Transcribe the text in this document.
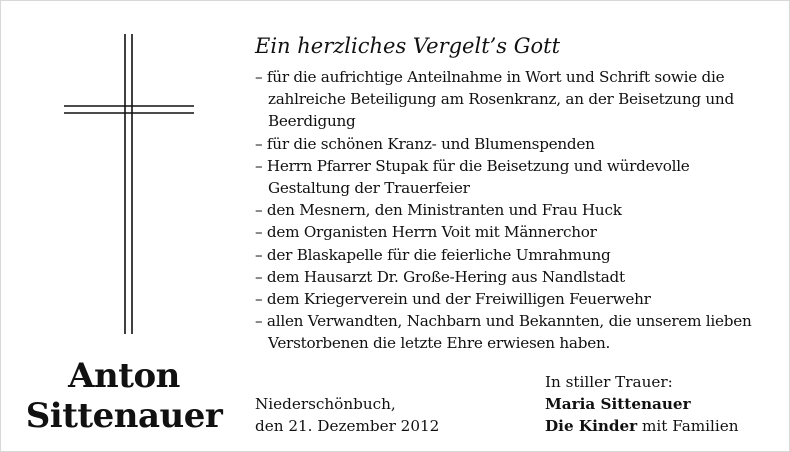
Anton
Sittenauer
Ein herzliches Vergelt’s Gott
– für die aufrichtige Anteilnahme in Wort und Schrift sowie die zahlreiche Beteiligung am Rosenkranz, an der Beisetzung und Beerdigung
– für die schönen Kranz- und Blumenspenden
– Herrn Pfarrer Stupak für die Beisetzung und würdevolle Gestaltung der Trauerfeier
– den Mesnern, den Ministranten und Frau Huck
– dem Organisten Herrn Voit mit Männerchor
– der Blaskapelle für die feierliche Umrahmung
– dem Hausarzt Dr. Große-Hering aus Nandlstadt
– dem Kriegerverein und der Freiwilligen Feuerwehr
– allen Verwandten, Nachbarn und Bekannten, die unserem lieben Verstorbenen die letzte Ehre erwiesen haben.
Niederschönbuch,
den 21. Dezember 2012
In stiller Trauer:
Maria Sittenauer
Die Kinder mit Familien
